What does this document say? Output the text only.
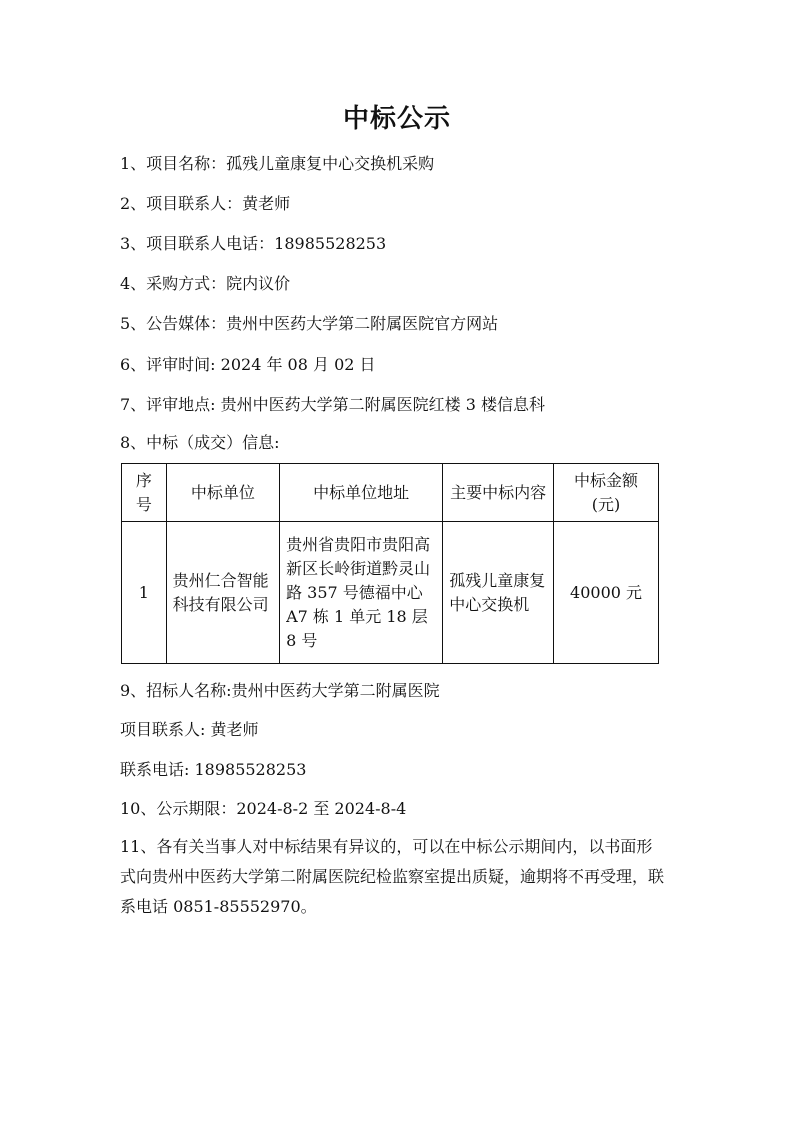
中标公示
1、项目名称：孤残儿童康复中心交换机采购
2、项目联系人：黄老师
3、项目联系人电话：18985528253
4、采购方式：院内议价
5、公告媒体：贵州中医药大学第二附属医院官方网站
6、评审时间: 2024 年 08 月 02 日
7、评审地点: 贵州中医药大学第二附属医院红楼 3 楼信息科
8、中标（成交）信息:
序号	中标单位	中标单位地址	主要中标内容	中标金额(元)
1	贵州仁合智能科技有限公司	贵州省贵阳市贵阳高新区长岭街道黔灵山路 357 号德福中心 A7 栋 1 单元 18 层 8 号	孤残儿童康复中心交换机	40000 元
9、招标人名称:贵州中医药大学第二附属医院
项目联系人: 黄老师
联系电话: 18985528253
10、公示期限：2024-8-2 至 2024-8-4
11、各有关当事人对中标结果有异议的，可以在中标公示期间内，以书面形式向贵州中医药大学第二附属医院纪检监察室提出质疑，逾期将不再受理，联系电话 0851-85552970。
